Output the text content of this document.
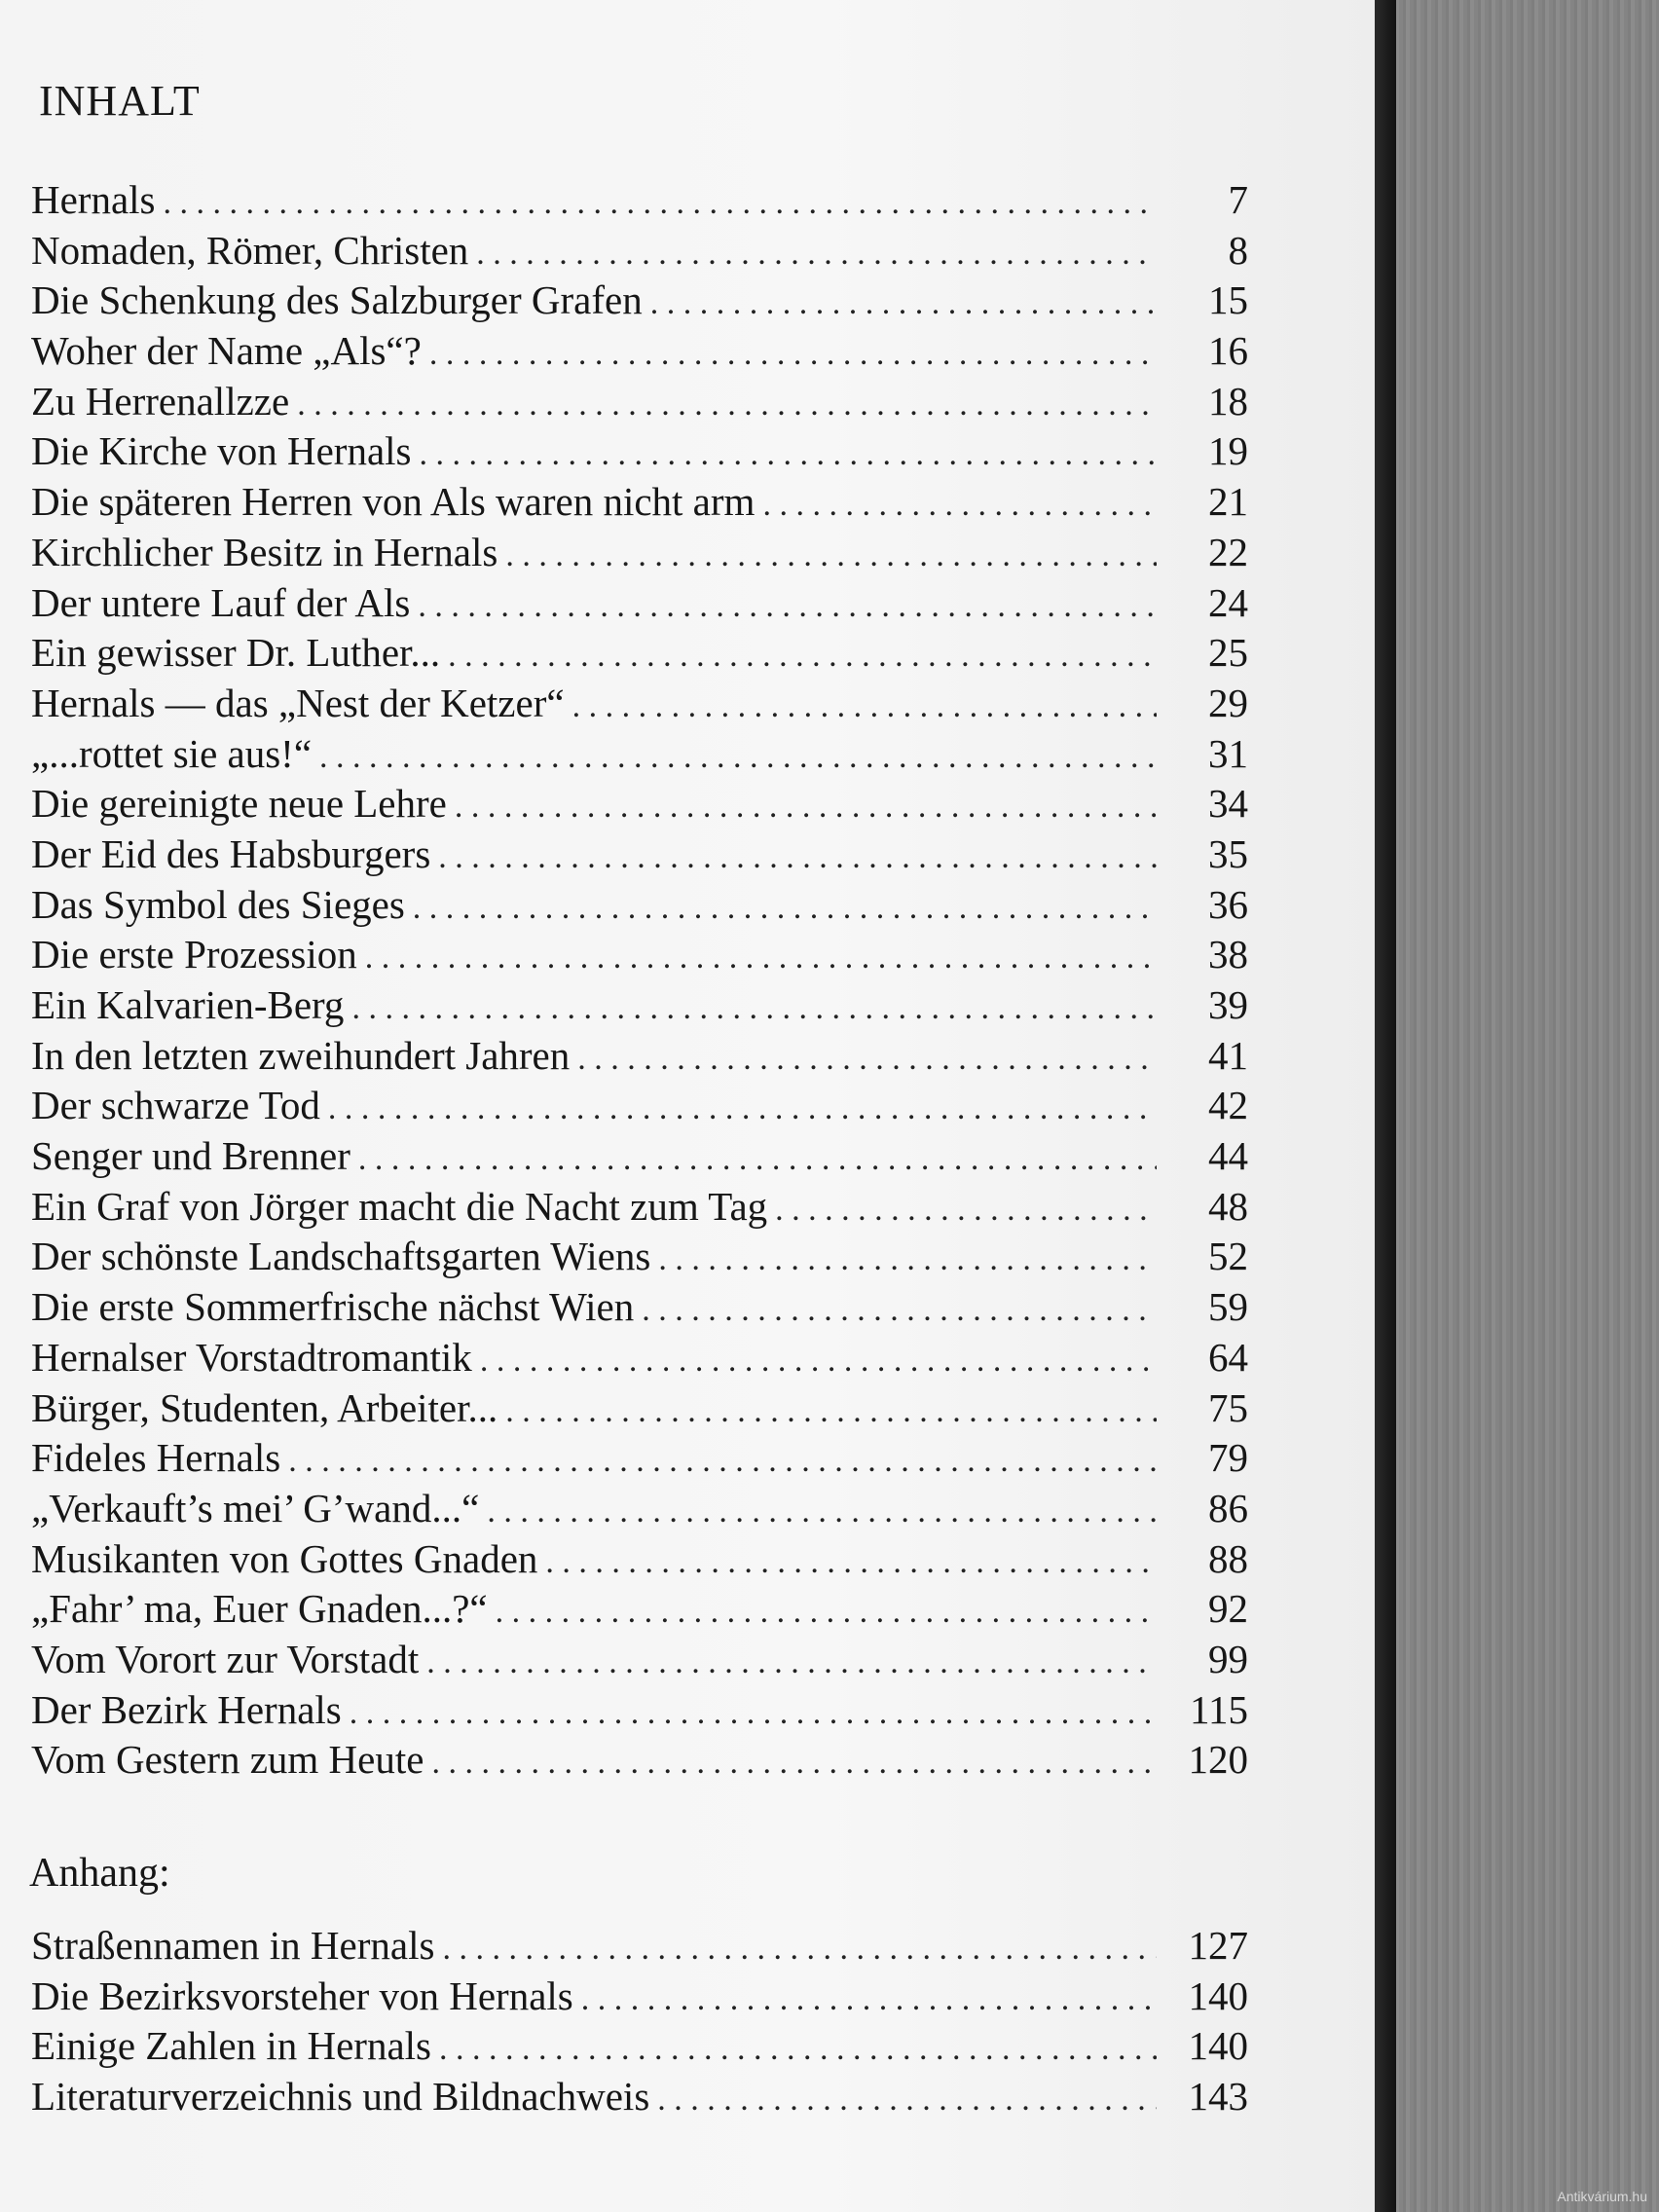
INHALT
Hernals . . .	7
Nomaden, Römer, Christen . . .	8
Die Schenkung des Salzburger Grafen . . .	15
Woher der Name „Als“? . . .	16
Zu Herrenallzze . . .	18
Die Kirche von Hernals . . .	19
Die späteren Herren von Als waren nicht arm . . .	21
Kirchlicher Besitz in Hernals . . .	22
Der untere Lauf der Als . . .	24
Ein gewisser Dr. Luther... . . .	25
Hernals — das „Nest der Ketzer“ . . .	29
„...rottet sie aus!“ . . .	31
Die gereinigte neue Lehre . . .	34
Der Eid des Habsburgers . . .	35
Das Symbol des Sieges . . .	36
Die erste Prozession . . .	38
Ein Kalvarien-Berg . . .	39
In den letzten zweihundert Jahren . . .	41
Der schwarze Tod . . .	42
Senger und Brenner . . .	44
Ein Graf von Jörger macht die Nacht zum Tag . . .	48
Der schönste Landschaftsgarten Wiens . . .	52
Die erste Sommerfrische nächst Wien . . .	59
Hernalser Vorstadtromantik . . .	64
Bürger, Studenten, Arbeiter... . . .	75
Fideles Hernals . . .	79
„Verkauft’s mei’ G’wand...“ . . .	86
Musikanten von Gottes Gnaden . . .	88
„Fahr’ ma, Euer Gnaden...?“ . . .	92
Vom Vorort zur Vorstadt . . .	99
Der Bezirk Hernals . . .	115
Vom Gestern zum Heute . . .	120
Anhang:
Straßennamen in Hernals . . .	127
Die Bezirksvorsteher von Hernals . . .	140
Einige Zahlen in Hernals . . .	140
Literaturverzeichnis und Bildnachweis . . .	143
Antikvárium.hu
